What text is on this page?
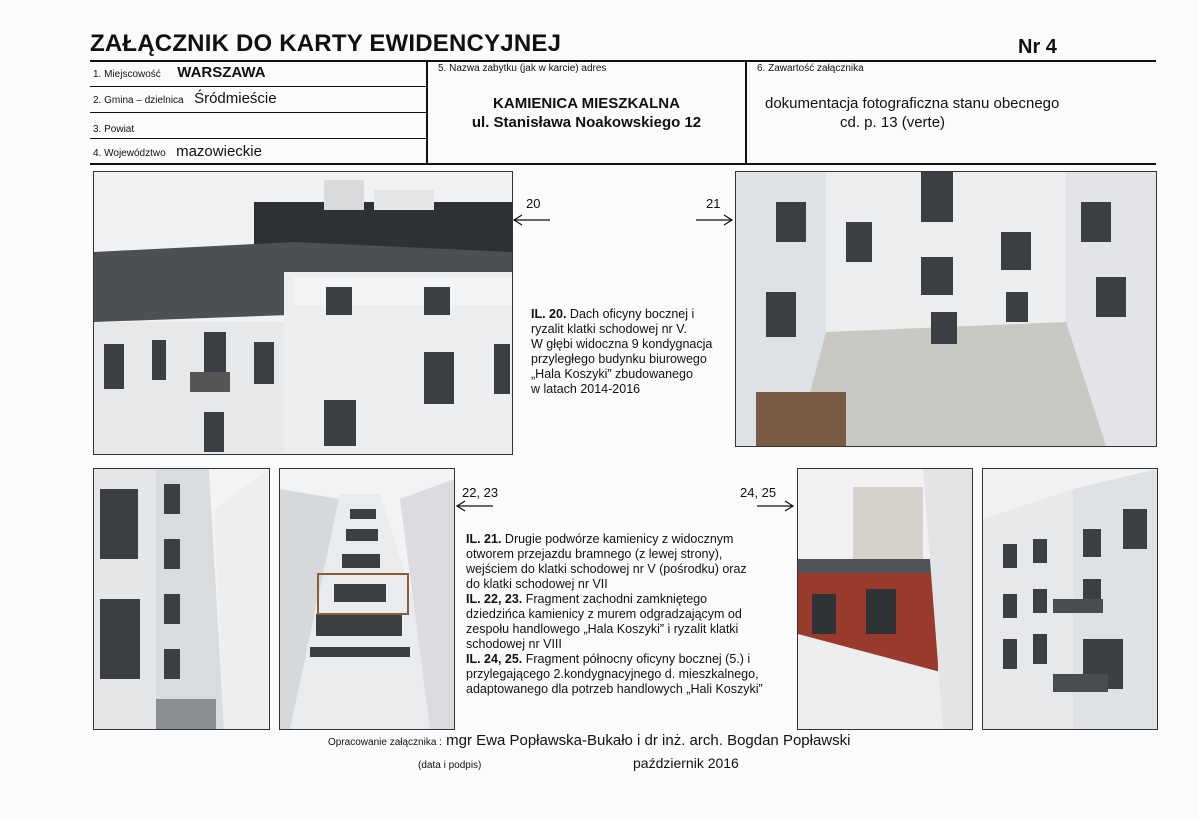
ZAŁĄCZNIK DO KARTY EWIDENCYJNEJ	Nr 4
1. Miejscowość WARSZAWA
2. Gmina – dzielnica Śródmieście
3. Powiat
4. Województwo mazowieckie
5. Nazwa zabytku (jak w karcie) adres
KAMIENICA MIESZKALNA
ul. Stanisława Noakowskiego 12
6. Zawartość załącznika
dokumentacja fotograficzna stanu obecnego
cd. p. 13 (verte)
20	21
IL. 20. Dach oficyny bocznej i
ryzalit klatki schodowej nr V.
W głębi widoczna 9 kondygnacja
przyległego budynku biurowego
„Hala Koszyki” zbudowanego
w latach 2014-2016
22, 23	24, 25
IL. 21. Drugie podwórze kamienicy z widocznym
otworem przejazdu bramnego (z lewej strony),
wejściem do klatki schodowej nr V (pośrodku) oraz
do klatki schodowej nr VII
IL. 22, 23. Fragment zachodni zamkniętego
dziedzińca kamienicy z murem odgradzającym od
zespołu handlowego „Hala Koszyki” i ryzalit klatki
schodowej nr VIII
IL. 24, 25. Fragment północny oficyny bocznej (5.) i
przylegającego 2.kondygnacyjnego d. mieszkalnego,
adaptowanego dla potrzeb handlowych „Hali Koszyki”
Opracowanie załącznika : mgr Ewa Popławska-Bukało i dr inż. arch. Bogdan Popławski
(data i podpis)	październik 2016
